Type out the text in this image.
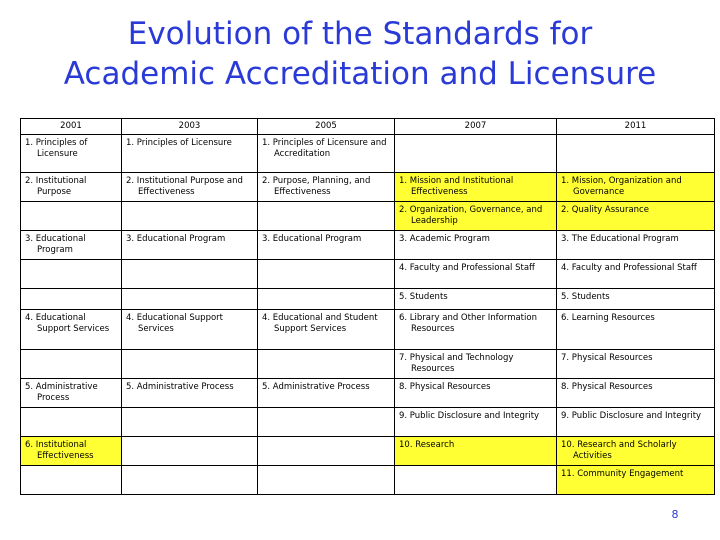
Evolution of the Standards for
Academic Accreditation and Licensure
2001	2003	2005	2007	2011

1. Principles of Licensure	1. Principles of Licensure	1. Principles of Licensure and Accreditation		

2. Institutional Purpose	2. Institutional Purpose and Effectiveness	2. Purpose, Planning, and Effectiveness	1. Mission and Institutional Effectiveness	1. Mission, Organization and Governance

			2. Organization, Governance, and Leadership	2. Quality Assurance

3. Educational Program	3. Educational Program	3. Educational Program	3. Academic Program	3. The Educational Program

			4. Faculty and Professional Staff	4. Faculty and Professional Staff

			5. Students	5. Students

4. Educational Support Services	4. Educational Support Services	4. Educational and Student Support Services	6. Library and Other Information Resources	6. Learning Resources

			7. Physical and Technology Resources	7. Physical Resources

5. Administrative Process	5. Administrative Process	5. Administrative Process	8. Physical Resources	8. Physical Resources

			9. Public Disclosure and Integrity	9. Public Disclosure and Integrity

6. Institutional Effectiveness			10. Research	10. Research and Scholarly Activities

				11. Community Engagement
8
